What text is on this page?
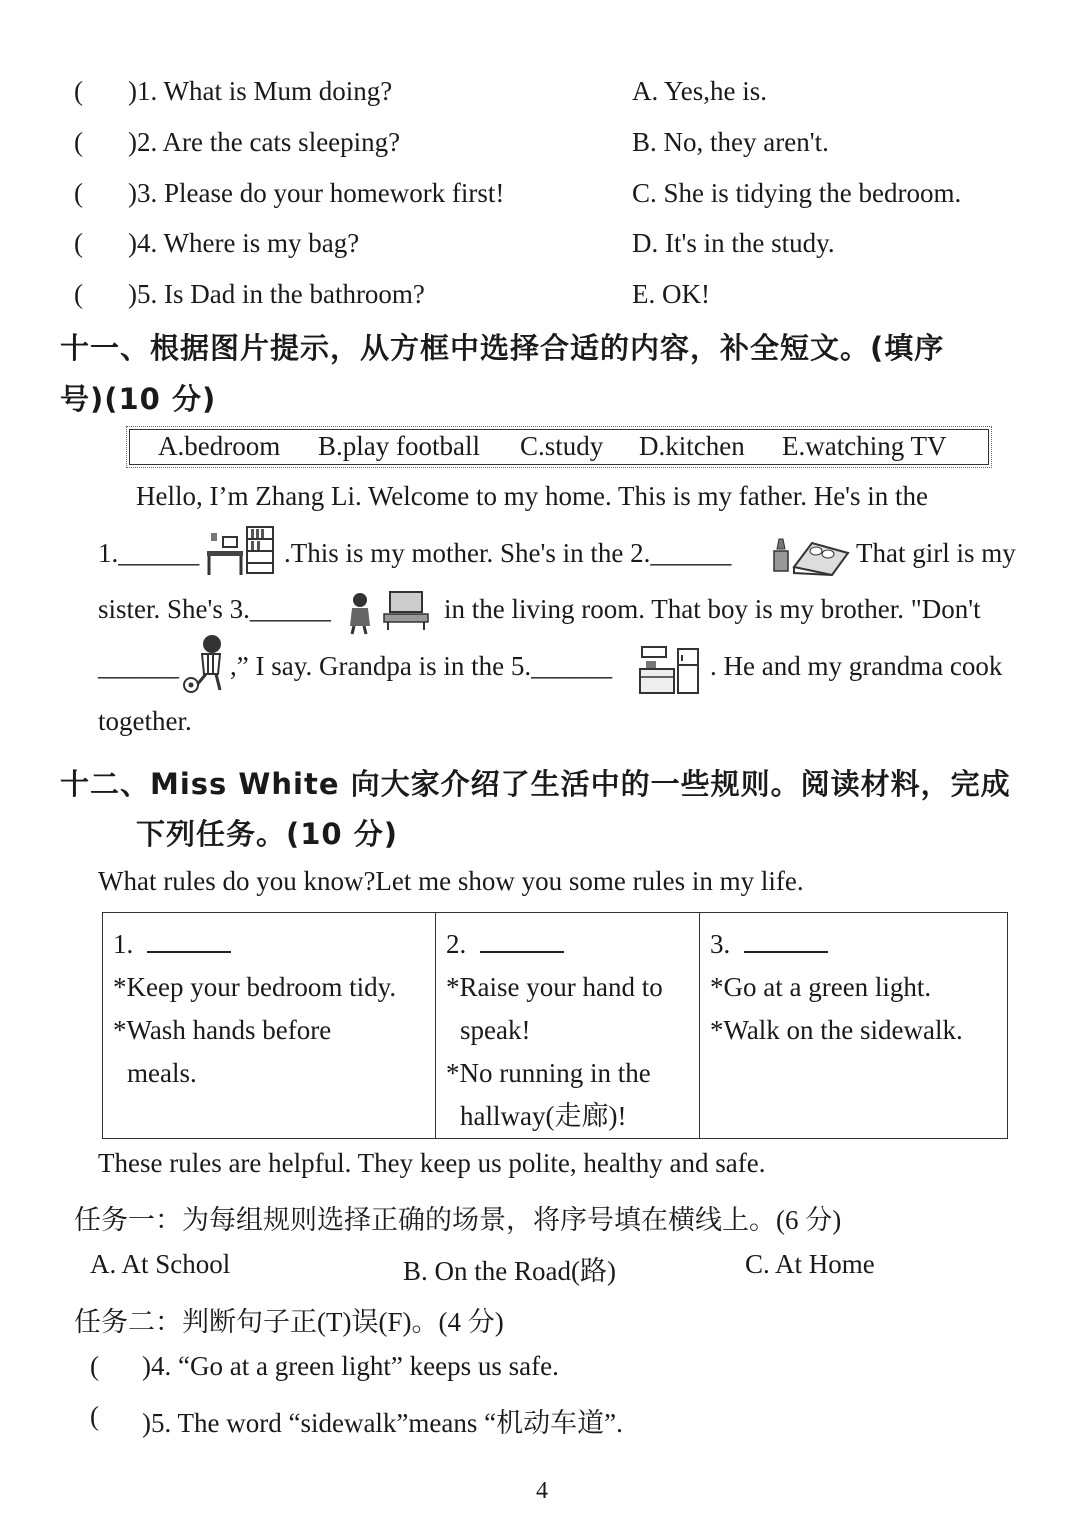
( )1. What is Mum doing?	A. Yes,he is.
( )2. Are the cats sleeping?	B. No, they aren't.
( )3. Please do your homework first!	C. She is tidying the bedroom.
( )4. Where is my bag?	D. It's in the study.
( )5. Is Dad in the bathroom?	E. OK!
十一、根据图片提示，从方框中选择合适的内容，补全短文。(填序
号)(10 分)
A.bedroom B.play football C.study D.kitchen E.watching TV
Hello, I’m Zhang Li. Welcome to my home. This is my father. He's in the
1.______	.This is my mother. She's in the 2.______	That girl is my
sister. She's 3.______	in the living room. That boy is my brother. "Don't
______ ,” I say. Grandpa is in the 5.______	. He and my grandma cook
together.
十二、Miss White 向大家介绍了生活中的一些规则。阅读材料，完成
下列任务。(10 分)
What rules do you know?Let me show you some rules in my life.
1.
*Keep your bedroom tidy.
*Wash hands before
meals.

2.
*Raise your hand to
speak!
*No running in the
hallway(走廊)!

3.
*Go at a green light.
*Walk on the sidewalk.
These rules are helpful. They keep us polite, healthy and safe.
任务一：为每组规则选择正确的场景，将序号填在横线上。(6 分)
A. At School	B. On the Road(路)	C. At Home
任务二：判断句子正(T)误(F)。(4 分)
( )4. “Go at a green light” keeps us safe.
( )5. The word “sidewalk”means “机动车道”.
4
